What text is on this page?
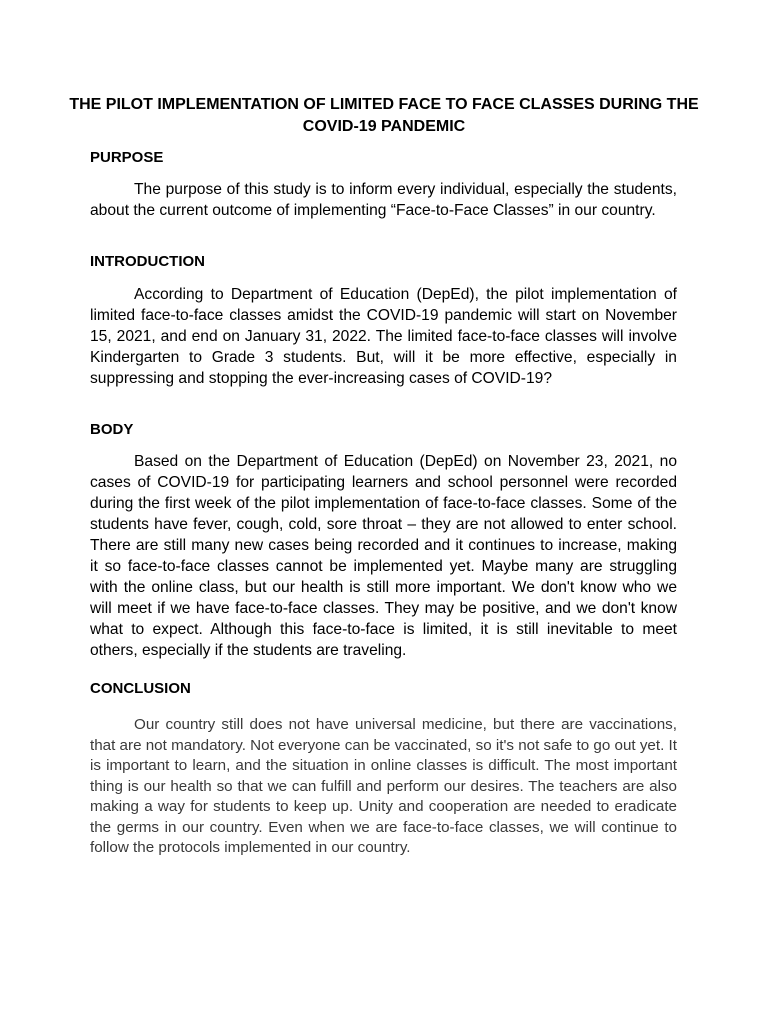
THE PILOT IMPLEMENTATION OF LIMITED FACE TO FACE CLASSES DURING THE COVID-19 PANDEMIC
PURPOSE

The purpose of this study is to inform every individual, especially the students, about the current outcome of implementing “Face-to-Face Classes” in our country.

INTRODUCTION

According to Department of Education (DepEd), the pilot implementation of limited face-to-face classes amidst the COVID-19 pandemic will start on November 15, 2021, and end on January 31, 2022. The limited face-to-face classes will involve Kindergarten to Grade 3 students. But, will it be more effective, especially in suppressing and stopping the ever-increasing cases of COVID-19?

BODY

Based on the Department of Education (DepEd) on November 23, 2021, no cases of COVID-19 for participating learners and school personnel were recorded during the first week of the pilot implementation of face-to-face classes. Some of the students have fever, cough, cold, sore throat – they are not allowed to enter school. There are still many new cases being recorded and it continues to increase, making it so face-to-face classes cannot be implemented yet. Maybe many are struggling with the online class, but our health is still more important. We don't know who we will meet if we have face-to-face classes. They may be positive, and we don't know what to expect. Although this face-to-face is limited, it is still inevitable to meet others, especially if the students are traveling.

CONCLUSION

Our country still does not have universal medicine, but there are vaccinations, that are not mandatory. Not everyone can be vaccinated, so it's not safe to go out yet. It is important to learn, and the situation in online classes is difficult. The most important thing is our health so that we can fulfill and perform our desires. The teachers are also making a way for students to keep up. Unity and cooperation are needed to eradicate the germs in our country. Even when we are face-to-face classes, we will continue to follow the protocols implemented in our country.
